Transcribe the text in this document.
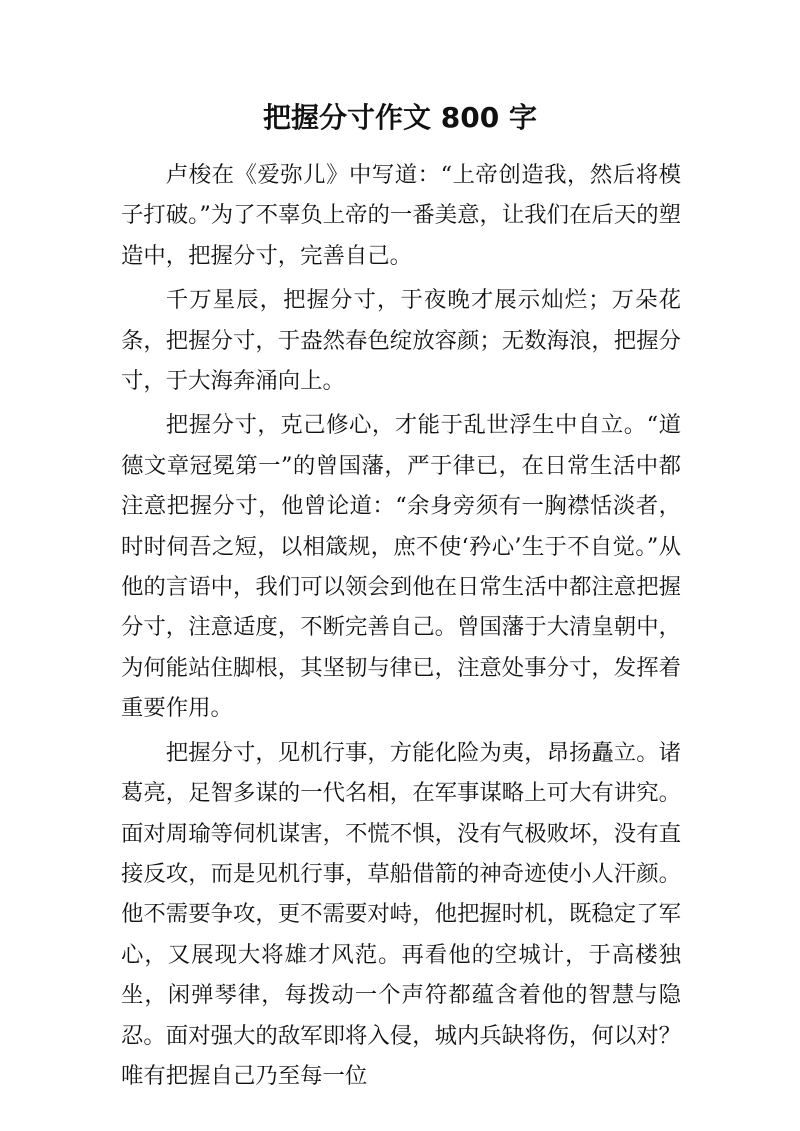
把握分寸作文 800 字

卢梭在《爱弥儿》中写道：“上帝创造我，然后将模子打破。”为了不辜负上帝的一番美意，让我们在后天的塑造中，把握分寸，完善自己。

千万星辰，把握分寸，于夜晚才展示灿烂；万朵花条，把握分寸，于盎然春色绽放容颜；无数海浪，把握分寸，于大海奔涌向上。

把握分寸，克己修心，才能于乱世浮生中自立。“道德文章冠冕第一”的曾国藩，严于律已，在日常生活中都注意把握分寸，他曾论道：“余身旁须有一胸襟恬淡者，时时伺吾之短，以相箴规，庶不使‘矜心’生于不自觉。”从他的言语中，我们可以领会到他在日常生活中都注意把握分寸，注意适度，不断完善自己。曾国藩于大清皇朝中，为何能站住脚根，其坚韧与律已，注意处事分寸，发挥着重要作用。

把握分寸，见机行事，方能化险为夷，昂扬矗立。诸葛亮，足智多谋的一代名相，在军事谋略上可大有讲究。面对周瑜等伺机谋害，不慌不惧，没有气极败坏，没有直接反攻，而是见机行事，草船借箭的神奇迹使小人汗颜。他不需要争攻，更不需要对峙，他把握时机，既稳定了军心，又展现大将雄才风范。再看他的空城计，于高楼独坐，闲弹琴律，每拨动一个声符都蕴含着他的智慧与隐忍。面对强大的敌军即将入侵，城内兵缺将伤，何以对？唯有把握自己乃至每一位
